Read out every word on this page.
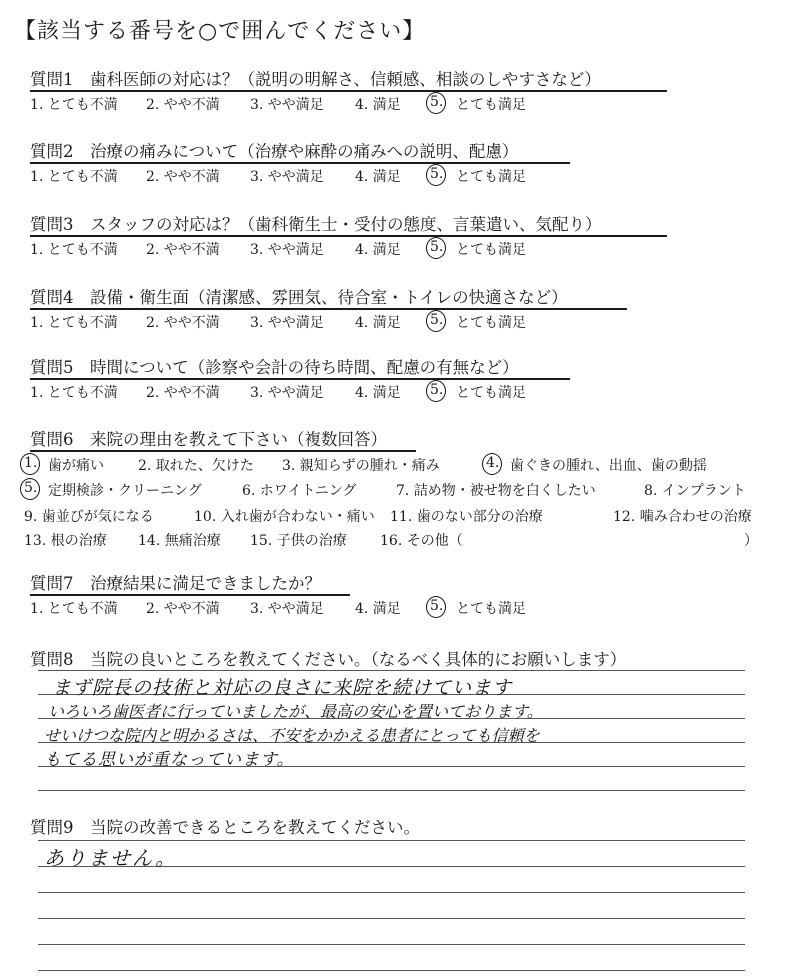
【該当する番号を○で囲んでください】
質問1　歯科医師の対応は？（説明の明解さ、信頼感、相談のしやすさなど）
1. とても不満 2. やや不満 3. やや満足 4. 満足 5. とても満足
質問2　治療の痛みについて（治療や麻酔の痛みへの説明、配慮）
1. とても不満 2. やや不満 3. やや満足 4. 満足 5. とても満足
質問3　スタッフの対応は？（歯科衛生士・受付の態度、言葉遣い、気配り）
1. とても不満 2. やや不満 3. やや満足 4. 満足 5. とても満足
質問4　設備・衛生面（清潔感、雰囲気、待合室・トイレの快適さなど）
1. とても不満 2. やや不満 3. やや満足 4. 満足 5. とても満足
質問5　時間について（診察や会計の待ち時間、配慮の有無など）
1. とても不満 2. やや不満 3. やや満足 4. 満足 5. とても満足
質問6　来院の理由を教えて下さい（複数回答）
1. 歯が痛い 2. 取れた、欠けた 3. 親知らずの腫れ・痛み	4. 歯ぐきの腫れ、出血、歯の動揺
5. 定期検診・クリーニング	6. ホワイトニング	7. 詰め物・被せ物を白くしたい	8. インプラント
9. 歯並びが気になる	10. 入れ歯が合わない・痛い 11. 歯のない部分の治療	12. 噛み合わせの治療
13. 根の治療 14. 無痛治療 15. 子供の治療 16. その他（	）
質問7　治療結果に満足できましたか？
1. とても不満 2. やや不満 3. やや満足 4. 満足 5. とても満足
質問8　当院の良いところを教えてください。（なるべく具体的にお願いします）
まず院長の技術と対応の良さに来院を続けています
いろいろ歯医者に行っていましたが、最高の安心を置いております。
せいけつな院内と明かるさは、不安をかかえる患者にとっても信頼を
もてる思いが重なっています。
質問9　当院の改善できるところを教えてください。
ありません。
